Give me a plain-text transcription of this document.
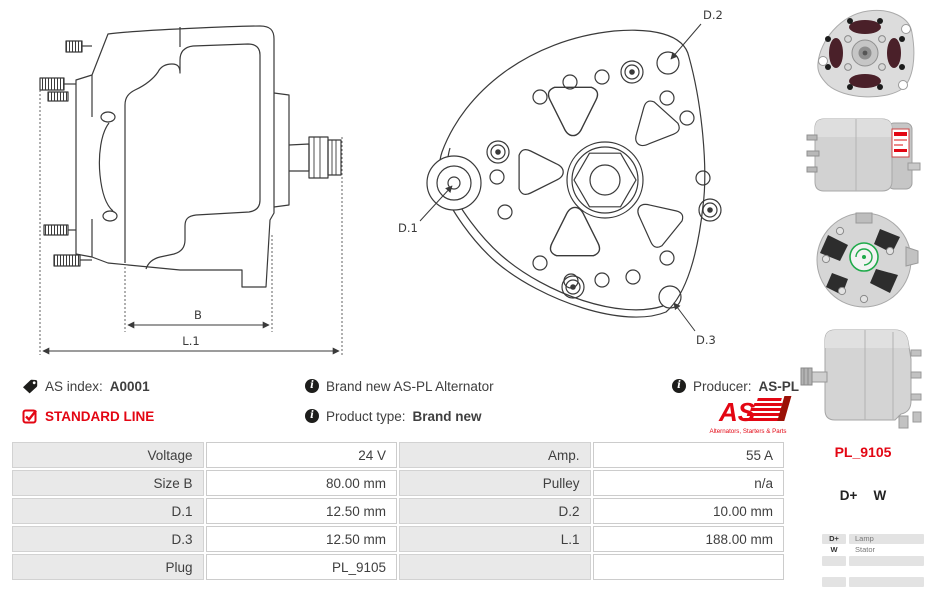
B
L.1
D.2
D.1
D.3
AS index: A0001	i Brand new AS-PL Alternator	i Producer: AS-PL
STANDARD LINE	i Product type: Brand new	AS
Alternators, Starters & Parts
Voltage	24 V	Amp.	55 A
Size B	80.00 mm	Pulley	n/a
D.1	12.50 mm	D.2	10.00 mm
D.3	12.50 mm	L.1	188.00 mm
Plug	PL_9105		
PL_9105
D+ W
D+	Lamp
W	Stator
